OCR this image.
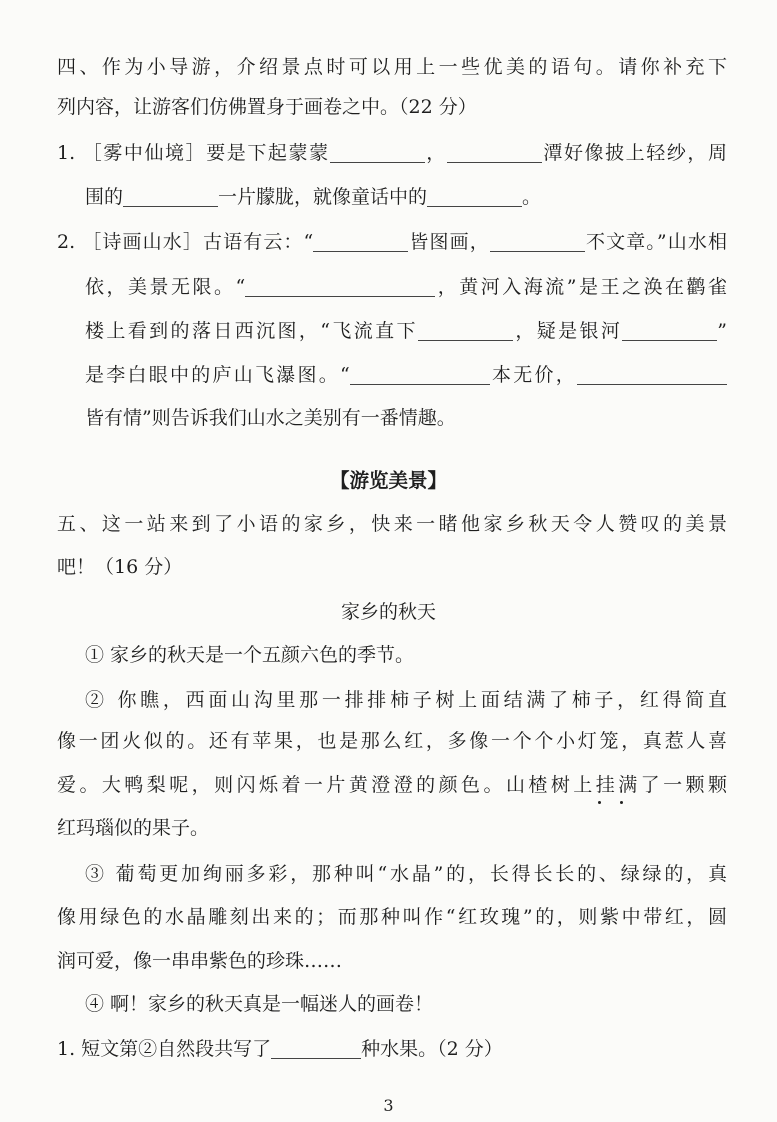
四、作为小导游，介绍景点时可以用上一些优美的语句。请你补充下
列内容，让游客们仿佛置身于画卷之中。（22 分）
1. ［雾中仙境］要是下起蒙蒙	，	潭好像披上轻纱，周
围的	一片朦胧，就像童话中的	。
2. ［诗画山水］古语有云：“	皆图画，	不文章。”山水相
依，美景无限。“	，黄河入海流”是王之涣在鹳雀
楼上看到的落日西沉图，“飞流直下	，疑是银河	”
是李白眼中的庐山飞瀑图。“	本无价，
皆有情”则告诉我们山水之美别有一番情趣。
【游览美景】
五、这一站来到了小语的家乡，快来一睹他家乡秋天令人赞叹的美景
吧！（16 分）
家乡的秋天
① 家乡的秋天是一个五颜六色的季节。
② 你瞧，西面山沟里那一排排柿子树上面结满了柿子，红得简直
像一团火似的。还有苹果，也是那么红，多像一个个小灯笼，真惹人喜
爱。大鸭梨呢，则闪烁着一片黄澄澄的颜色。山楂树上挂满了一颗颗
红玛瑙似的果子。
③ 葡萄更加绚丽多彩，那种叫“水晶”的，长得长长的、绿绿的，真
像用绿色的水晶雕刻出来的；而那种叫作“红玫瑰”的，则紫中带红，圆
润可爱，像一串串紫色的珍珠……
④ 啊！家乡的秋天真是一幅迷人的画卷！
1. 短文第②自然段共写了	种水果。（2 分）
3
